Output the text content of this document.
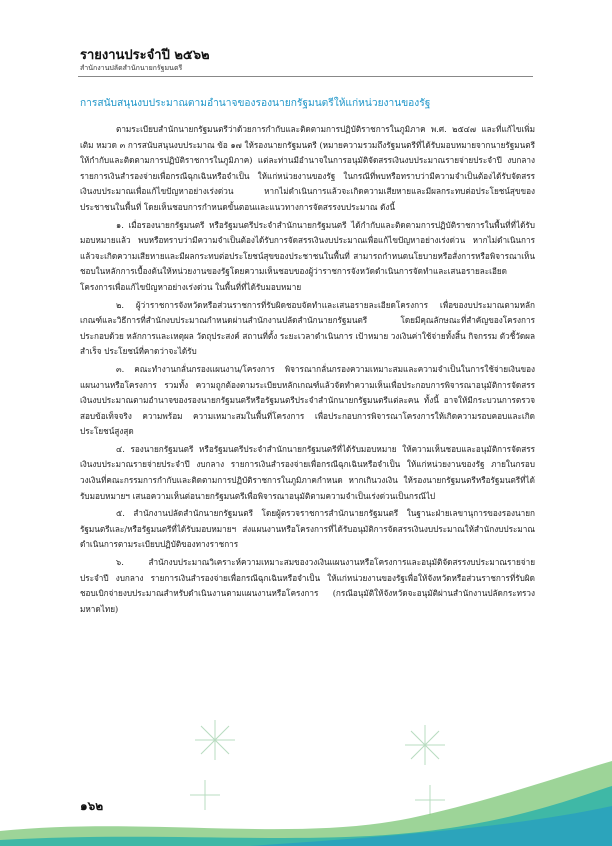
รายงานประจำปี ๒๕๖๒
สำนักงานปลัดสำนักนายกรัฐมนตรี
การสนับสนุนงบประมาณตามอำนาจของรองนายกรัฐมนตรีให้แก่หน่วยงานของรัฐ

ตามระเบียบสำนักนายกรัฐมนตรีว่าด้วยการกำกับและติดตามการปฏิบัติราชการในภูมิภาค พ.ศ. ๒๕๔๗ และที่แก้ไขเพิ่มเติม หมวด ๓ การสนับสนุนงบประมาณ ข้อ ๑๗ ให้รองนายกรัฐมนตรี (หมายความรวมถึงรัฐมนตรีที่ได้รับมอบหมายจากนายรัฐมนตรีให้กำกับและติดตามการปฏิบัติราชการในภูมิภาค) แต่ละท่านมีอำนาจในการอนุมัติจัดสรรเงินงบประมาณรายจ่ายประจำปี งบกลาง รายการเงินสำรองจ่ายเพื่อกรณีฉุกเฉินหรือจำเป็น ให้แก่หน่วยงานของรัฐ ในกรณีที่พบหรือทราบว่ามีความจำเป็นต้องได้รับจัดสรรเงินงบประมาณเพื่อแก้ไขปัญหาอย่างเร่งด่วน หากไม่ดำเนินการแล้วจะเกิดความเสียหายและมีผลกระทบต่อประโยชน์สุขของประชาชนในพื้นที่ โดยเห็นชอบการกำหนดขั้นตอนและแนวทางการจัดสรรงบประมาณ ดังนี้

๑. เมื่อรองนายกรัฐมนตรี หรือรัฐมนตรีประจำสำนักนายกรัฐมนตรี ได้กำกับและติดตามการปฏิบัติราชการในพื้นที่ที่ได้รับมอบหมายแล้ว พบหรือทราบว่ามีความจำเป็นต้องได้รับการจัดสรรเงินงบประมาณเพื่อแก้ไขปัญหาอย่างเร่งด่วน หากไม่ดำเนินการแล้วจะเกิดความเสียหายและมีผลกระทบต่อประโยชน์สุขของประชาชนในพื้นที่ สามารถกำหนดนโยบายหรือสั่งการหรือพิจารณาเห็นชอบในหลักการเบื้องต้นให้หน่วยงานของรัฐโดยความเห็นชอบของผู้ว่าราชการจังหวัดดำเนินการจัดทำและเสนอรายละเอียดโครงการเพื่อแก้ไขปัญหาอย่างเร่งด่วน ในพื้นที่ที่ได้รับมอบหมาย

๒. ผู้ว่าราชการจังหวัดหรือส่วนราชการที่รับผิดชอบจัดทำและเสนอรายละเอียดโครงการ เพื่อของบประมาณตามหลักเกณฑ์และวิธีการที่สำนักงบประมาณกำหนดผ่านสำนักงานปลัดสำนักนายกรัฐมนตรี โดยมีคุณลักษณะที่สำคัญของโครงการ ประกอบด้วย หลักการและเหตุผล วัตถุประสงค์ สถานที่ตั้ง ระยะเวลาดำเนินการ เป้าหมาย วงเงินค่าใช้จ่ายทั้งสิ้น กิจกรรม ตัวชี้วัดผลสำเร็จ ประโยชน์ที่คาดว่าจะได้รับ

๓. คณะทำงานกลั่นกรองแผนงาน/โครงการ พิจารณากลั่นกรองความเหมาะสมและความจำเป็นในการใช้จ่ายเงินของแผนงานหรือโครงการ รวมทั้ง ความถูกต้องตามระเบียบหลักเกณฑ์แล้วจัดทำความเห็นเพื่อประกอบการพิจารณาอนุมัติการจัดสรรเงินงบประมาณตามอำนาจของรองนายกรัฐมนตรีหรือรัฐมนตรีประจำสำนักนายกรัฐมนตรีแต่ละคน ทั้งนี้ อาจให้มีกระบวนการตรวจสอบข้อเท็จจริง ความพร้อม ความเหมาะสมในพื้นที่โครงการ เพื่อประกอบการพิจารณาโครงการให้เกิดความรอบคอบและเกิดประโยชน์สูงสุด

๔. รองนายกรัฐมนตรี หรือรัฐมนตรีประจำสำนักนายกรัฐมนตรีที่ได้รับมอบหมาย ให้ความเห็นชอบและอนุมัติการจัดสรรเงินงบประมาณรายจ่ายประจำปี งบกลาง รายการเงินสำรองจ่ายเพื่อกรณีฉุกเฉินหรือจำเป็น ให้แก่หน่วยงานของรัฐ ภายในกรอบวงเงินที่คณะกรรมการกำกับและติดตามการปฏิบัติราชการในภูมิภาคกำหนด หากเกินวงเงิน ให้รองนายกรัฐมนตรีหรือรัฐมนตรีที่ได้รับมอบหมายฯ เสนอความเห็นต่อนายกรัฐมนตรีเพื่อพิจารณาอนุมัติตามความจำเป็นเร่งด่วนเป็นกรณีไป

๕. สำนักงานปลัดสำนักนายกรัฐมนตรี โดยผู้ตรวจราชการสำนักนายกรัฐมนตรี ในฐานะฝ่ายเลขานุการของรองนายกรัฐมนตรีและ/หรือรัฐมนตรีที่ได้รับมอบหมายฯ ส่งแผนงานหรือโครงการที่ได้รับอนุมัติการจัดสรรเงินงบประมาณให้สำนักงบประมาณดำเนินการตามระเบียบปฏิบัติของทางราชการ

๖. สำนักงบประมาณวิเคราะห์ความเหมาะสมของวงเงินแผนงานหรือโครงการและอนุมัติจัดสรรงบประมาณรายจ่ายประจำปี งบกลาง รายการเงินสำรองจ่ายเพื่อกรณีฉุกเฉินหรือจำเป็น ให้แก่หน่วยงานของรัฐเพื่อให้จังหวัดหรือส่วนราชการที่รับผิดชอบเบิกจ่ายงบประมาณสำหรับดำเนินงานตามแผนงานหรือโครงการ (กรณีอนุมัติให้จังหวัดจะอนุมัติผ่านสำนักงานปลัดกระทรวงมหาดไทย)

๑๖๒
